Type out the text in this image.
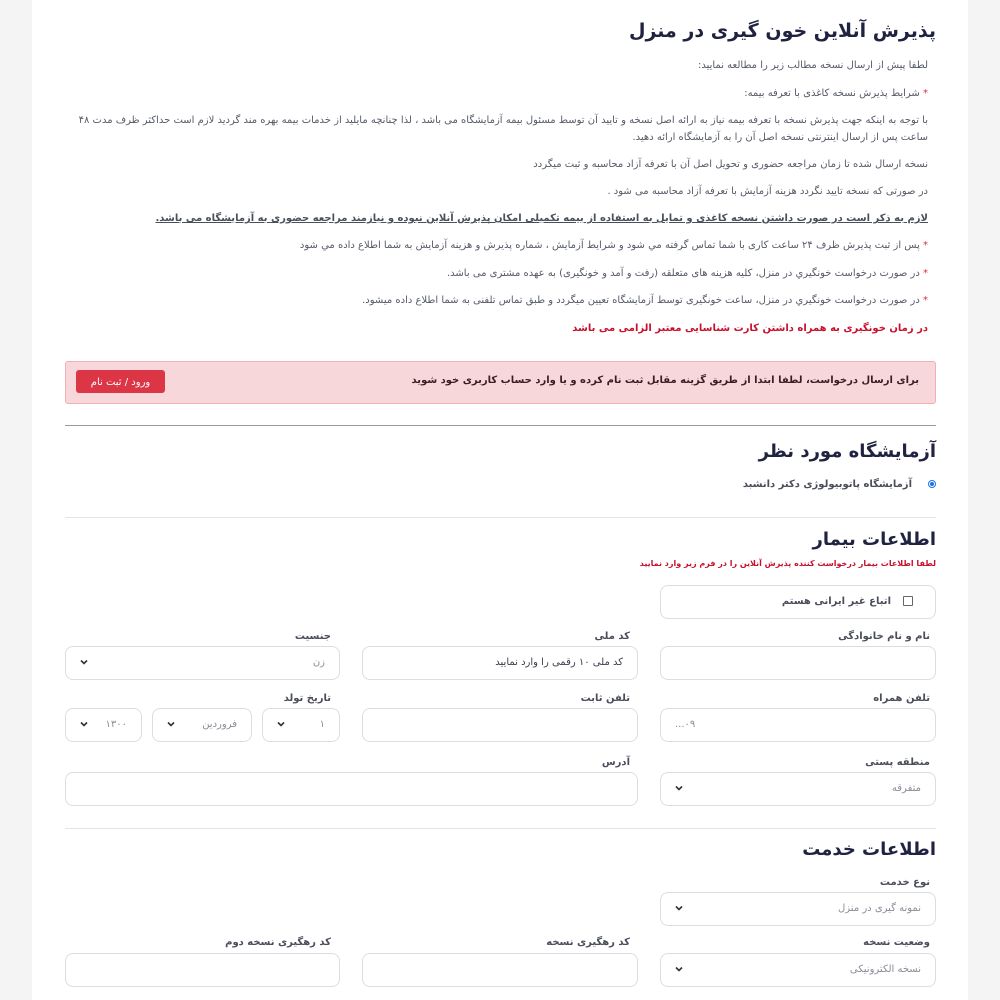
پذیرش آنلاین خون گیری در منزل
لطفا پیش از ارسال نسخه مطالب زیر را مطالعه نمایید:
* شرایط پذیرش نسخه کاغذی با تعرفه بیمه:
با توجه به اینکه جهت پذیرش نسخه با تعرفه بیمه نیاز به ارائه اصل نسخه و تایید آن توسط مسئول بیمه آزمایشگاه می باشد ، لذا چنانچه مایلید از خدمات بیمه بهره مند گردید لازم است حداکثر ظرف مدت ۴۸
ساعت پس از ارسال اینترنتی نسخه اصل آن را به آزمایشگاه ارائه دهید.
نسخه ارسال شده تا زمان مراجعه حضوری و تحویل اصل آن با تعرفه آزاد محاسبه و ثبت میگردد
در صورتی که نسخه تایید نگردد هزینه آزمایش با تعرفه آزاد محاسبه می شود .
لازم به ذکر است در صورت داشتن نسخه کاغذی و تمایل به استفاده از بیمه تکمیلی امکان پذیرش آنلاین نبوده و نیازمند مراجعه حضوری به آزمایشگاه می باشد.
* پس از ثبت پذیرش ظرف ۲۴ ساعت کاری با شما تماس گرفته مي شود و شرايط آزمايش ، شماره پذیرش و هزینه آزمایش به شما اطلاع داده مي شود
* در صورت درخواست خونگيري در منزل، کلیه هزینه های متعلقه (رفت و آمد و خونگیری) به عهده مشتری می باشد.
* در صورت درخواست خونگيري در منزل، ساعت خونگیری توسط آزمایشگاه تعیین میگردد و طبق تماس تلفنی به شما اطلاع داده میشود.
در زمان خونگیری به همراه داشتن کارت شناسایی معتبر الزامی می باشد
برای ارسال درخواست، لطفا ابتدا از طریق گزینه مقابل ثبت نام کرده و یا وارد حساب کاربری خود شوید
ورود / ثبت نام
آزمایشگاه مورد نظر
آزمایشگاه پاتوبیولوژی دکتر دانشبد
اطلاعات بیمار
لطفا اطلاعات بیمار درخواست کننده پذیرش آنلاین را در فرم زیر وارد نمایید
اتباع غیر ایرانی هستم
نام و نام خانوادگی
کد ملی
کد ملی ۱۰ رقمی را وارد نمایید
جنسیت
زن
تلفن همراه
۰۹...
تلفن ثابت
تاریخ تولد
۱
فروردین
۱۳۰۰
منطقه پستی
متفرقه
آدرس
اطلاعات خدمت
نوع خدمت
نمونه گیری در منزل
وضعیت نسخه
نسخه الکترونیکی
کد رهگیری نسخه
کد رهگیری نسخه دوم
